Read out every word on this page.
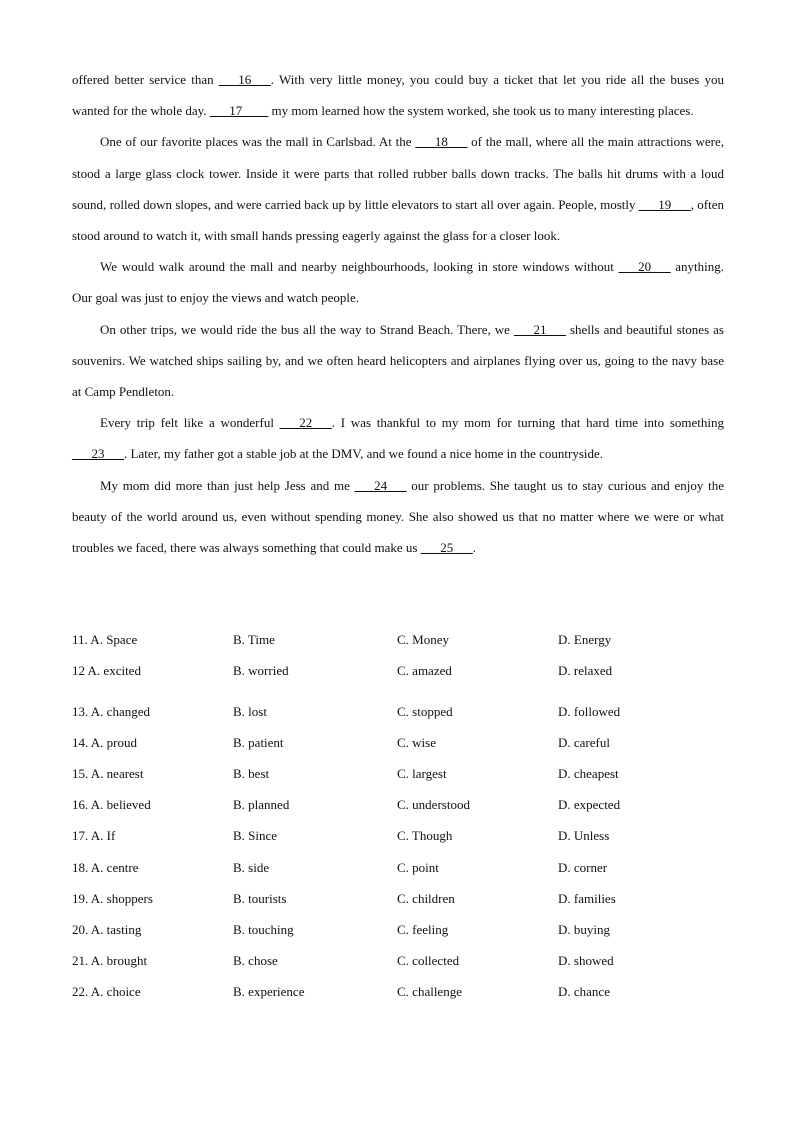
offered better service than ___16___. With very little money, you could buy a ticket that let you ride all the buses you wanted for the whole day. ___17____ my mom learned how the system worked, she took us to many interesting places.

One of our favorite places was the mall in Carlsbad. At the ___18___ of the mall, where all the main attractions were, stood a large glass clock tower. Inside it were parts that rolled rubber balls down tracks. The balls hit drums with a loud sound, rolled down slopes, and were carried back up by little elevators to start all over again. People, mostly ___19___, often stood around to watch it, with small hands pressing eagerly against the glass for a closer look.

We would walk around the mall and nearby neighbourhoods, looking in store windows without ___20___ anything. Our goal was just to enjoy the views and watch people.

On other trips, we would ride the bus all the way to Strand Beach. There, we ___21___ shells and beautiful stones as souvenirs. We watched ships sailing by, and we often heard helicopters and airplanes flying over us, going to the navy base at Camp Pendleton.

Every trip felt like a wonderful ___22___. I was thankful to my mom for turning that hard time into something ___23___. Later, my father got a stable job at the DMV, and we found a nice home in the countryside.

My mom did more than just help Jess and me ___24___ our problems. She taught us to stay curious and enjoy the beauty of the world around us, even without spending money. She also showed us that no matter where we were or what troubles we faced, there was always something that could make us ___25___.

11. A. Space	B. Time	C. Money	D. Energy
12 A. excited	B. worried	C. amazed	D. relaxed
13. A. changed	B. lost	C. stopped	D. followed
14. A. proud	B. patient	C. wise	D. careful
15. A. nearest	B. best	C. largest	D. cheapest
16. A. believed	B. planned	C. understood	D. expected
17. A. If	B. Since	C. Though	D. Unless
18. A. centre	B. side	C. point	D. corner
19. A. shoppers	B. tourists	C. children	D. families
20. A. tasting	B. touching	C. feeling	D. buying
21. A. brought	B. chose	C. collected	D. showed
22. A. choice	B. experience	C. challenge	D. chance
